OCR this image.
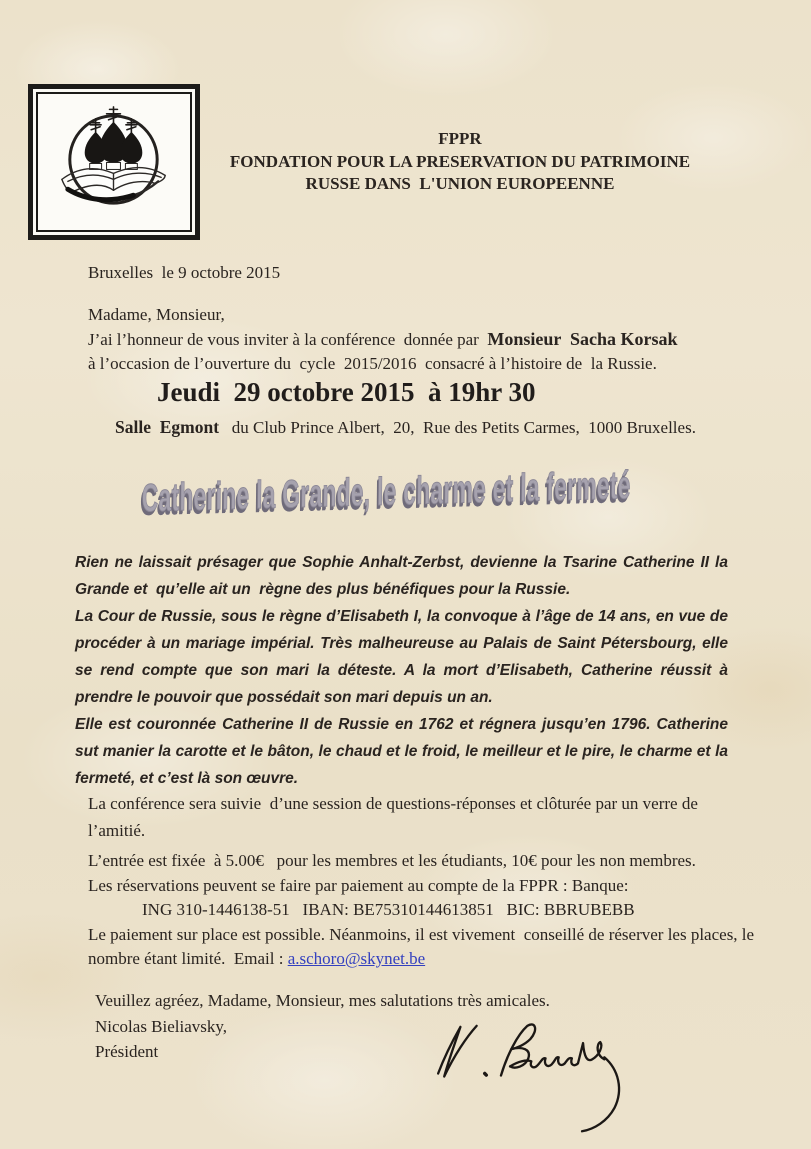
FPPR
FONDATION POUR LA PRESERVATION DU PATRIMOINE
RUSSE DANS  L'UNION EUROPEENNE
Bruxelles  le 9 octobre 2015
Madame, Monsieur,
J’ai l’honneur de vous inviter à la conférence  donnée par  Monsieur  Sacha Korsak
à l’occasion de l’ouverture du  cycle  2015/2016  consacré à l’histoire de  la Russie.
Jeudi  29 octobre 2015  à 19hr 30
Salle  Egmont   du Club Prince Albert,  20,  Rue des Petits Carmes,  1000 Bruxelles.
Catherine la Grande, le charme et la fermeté

Rien ne laissait présager que Sophie Anhalt-Zerbst, devienne la Tsarine Catherine II la Grande et  qu’elle ait un  règne des plus bénéfiques pour la Russie.

La Cour de Russie, sous le règne d’Elisabeth I, la convoque à l’âge de 14 ans, en vue de procéder à un mariage impérial. Très malheureuse au Palais de Saint Pétersbourg, elle se rend compte que son mari la déteste. A la mort d’Elisabeth, Catherine réussit à prendre le pouvoir que possédait son mari depuis un an.

Elle est couronnée Catherine II de Russie en 1762 et régnera jusqu’en 1796. Catherine sut manier la carotte et le bâton, le chaud et le froid, le meilleur et le pire, le charme et la fermeté, et c’est là son œuvre.

La conférence sera suivie  d’une session de questions-réponses et clôturée par un verre de l’amitié.
L’entrée est fixée  à 5.00€   pour les membres et les étudiants, 10€ pour les non membres.
Les réservations peuvent se faire par paiement au compte de la FPPR : Banque:
ING 310-1446138-51   IBAN: BE75310144613851   BIC: BBRUBEBB
Le paiement sur place est possible. Néanmoins, il est vivement  conseillé de réserver les places, le nombre étant limité.  Email : a.schoro@skynet.be
Veuillez agréez, Madame, Monsieur, mes salutations très amicales.
Nicolas Bieliavsky,
Président
